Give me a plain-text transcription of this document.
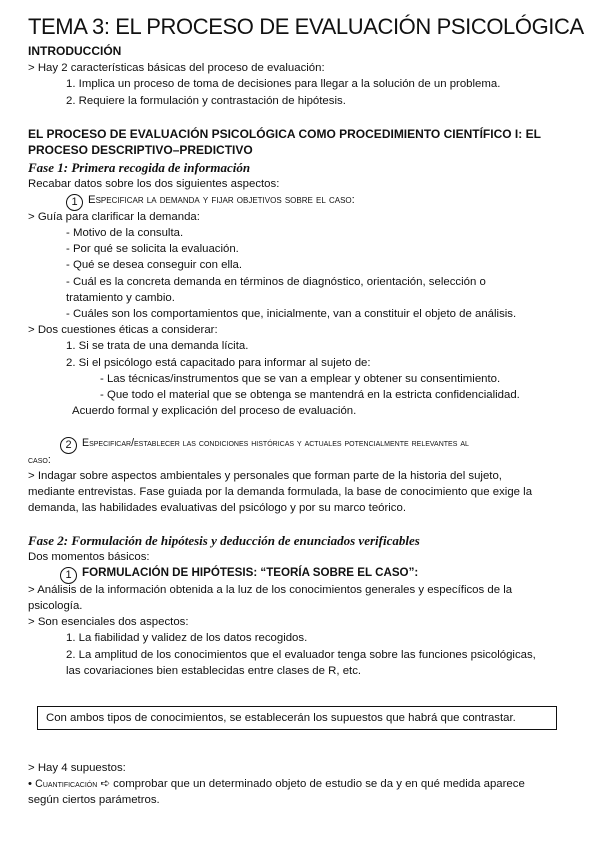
TEMA 3: EL PROCESO DE EVALUACIÓN PSICOLÓGICA
INTRODUCCIÓN
> Hay 2 características básicas del proceso de evaluación:
1. Implica un proceso de toma de decisiones para llegar a la solución de un problema.
2. Requiere la formulación y contrastación de hipótesis.
EL PROCESO DE EVALUACIÓN PSICOLÓGICA COMO PROCEDIMIENTO CIENTÍFICO I: EL
PROCESO DESCRIPTIVO–PREDICTIVO
Fase 1: Primera recogida de información
Recabar datos sobre los dos siguientes aspectos:
1 Especificar la demanda y fijar objetivos sobre el caso:
> Guía para clarificar la demanda:
- Motivo de la consulta.
- Por qué se solicita la evaluación.
- Qué se desea conseguir con ella.
- Cuál es la concreta demanda en términos de diagnóstico, orientación, selección o
tratamiento y cambio.
- Cuáles son los comportamientos que, inicialmente, van a constituir el objeto de análisis.
> Dos cuestiones éticas a considerar:
1. Si se trata de una demanda lícita.
2. Si el psicólogo está capacitado para informar al sujeto de:
- Las técnicas/instrumentos que se van a emplear y obtener su consentimiento.
- Que todo el material que se obtenga se mantendrá en la estricta confidencialidad.
Acuerdo formal y explicación del proceso de evaluación.
2 Especificar/establecer las condiciones históricas y actuales potencialmente relevantes al
caso:
> Indagar sobre aspectos ambientales y personales que forman parte de la historia del sujeto,
mediante entrevistas. Fase guiada por la demanda formulada, la base de conocimiento que exige la
demanda, las habilidades evaluativas del psicólogo y por su marco teórico.
Fase 2: Formulación de hipótesis y deducción de enunciados verificables
Dos momentos básicos:
1 FORMULACIÓN DE HIPÓTESIS: “TEORÍA SOBRE EL CASO”:
> Análisis de la información obtenida a la luz de los conocimientos generales y específicos de la
psicología.
> Son esenciales dos aspectos:
1. La fiabilidad y validez de los datos recogidos.
2. La amplitud de los conocimientos que el evaluador tenga sobre las funciones psicológicas,
las covariaciones bien establecidas entre clases de R, etc.
Con ambos tipos de conocimientos, se establecerán los supuestos que habrá que contrastar.
> Hay 4 supuestos:
• Cuantificación ➪ comprobar que un determinado objeto de estudio se da y en qué medida aparece
según ciertos parámetros.
